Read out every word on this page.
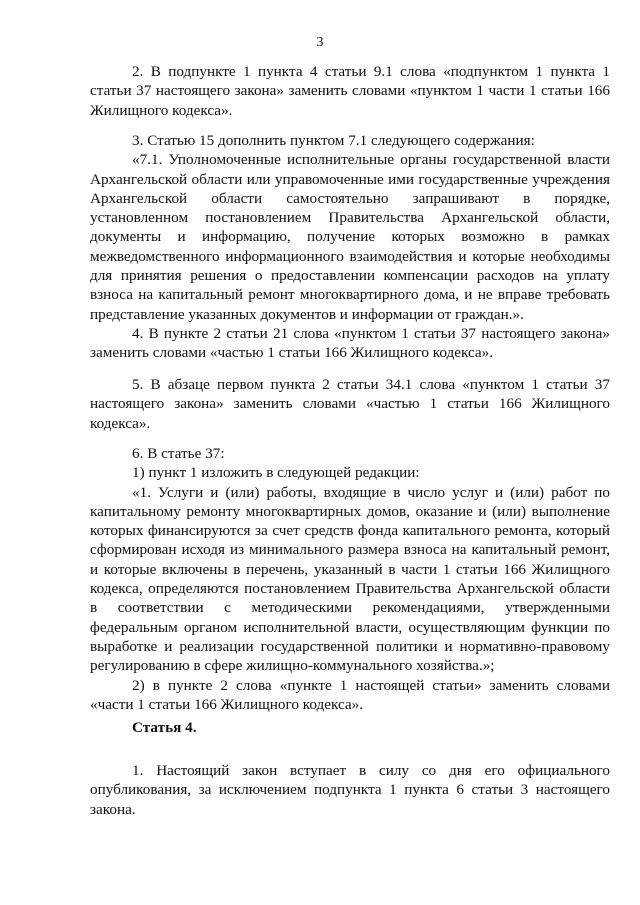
3

2. В подпункте 1 пункта 4 статьи 9.1 слова «подпунктом 1 пункта 1 статьи 37 настоящего закона» заменить словами «пунктом 1 части 1 статьи 166 Жилищного кодекса».

3. Статью 15 дополнить пунктом 7.1 следующего содержания:

«7.1. Уполномоченные исполнительные органы государственной власти Архангельской области или управомоченные ими государственные учреждения Архангельской области самостоятельно запрашивают в порядке, установленном постановлением Правительства Архангельской области, документы и информацию, получение которых возможно в рамках межведомственного информационного взаимодействия и которые необходимы для принятия решения о предоставлении компенсации расходов на уплату взноса на капитальный ремонт многоквартирного дома, и не вправе требовать представление указанных документов и информации от граждан.».

4. В пункте 2 статьи 21 слова «пунктом 1 статьи 37 настоящего закона» заменить словами «частью 1 статьи 166 Жилищного кодекса».

5. В абзаце первом пункта 2 статьи 34.1 слова «пунктом 1 статьи 37 настоящего закона» заменить словами «частью 1 статьи 166 Жилищного кодекса».

6. В статье 37:

1) пункт 1 изложить в следующей редакции:

«1. Услуги и (или) работы, входящие в число услуг и (или) работ по капитальному ремонту многоквартирных домов, оказание и (или) выполнение которых финансируются за счет средств фонда капитального ремонта, который сформирован исходя из минимального размера взноса на капитальный ремонт, и которые включены в перечень, указанный в части 1 статьи 166 Жилищного кодекса, определяются постановлением Правительства Архангельской области в соответствии с методическими рекомендациями, утвержденными федеральным органом исполнительной власти, осуществляющим функции по выработке и реализации государственной политики и нормативно-правовому регулированию в сфере жилищно-коммунального хозяйства.»;

2) в пункте 2 слова «пункте 1 настоящей статьи» заменить словами «части 1 статьи 166 Жилищного кодекса».

Статья 4.

1. Настоящий закон вступает в силу со дня его официального опубликования, за исключением подпункта 1 пункта 6 статьи 3 настоящего закона.
